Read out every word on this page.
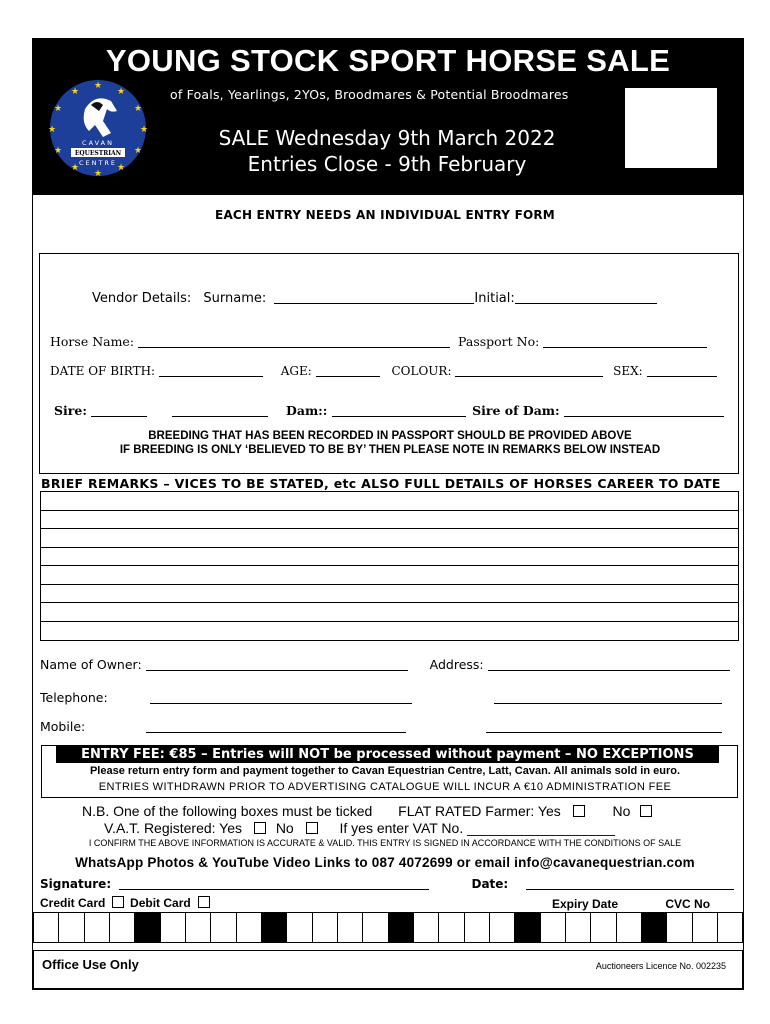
YOUNG STOCK SPORT HORSE SALE
★
★
★
★
★
★
★
★
★
★
★
★
CAVAN
EQUESTRIAN
CENTRE
of Foals, Yearlings, 2YOs, Broodmares & Potential Broodmares
SALE Wednesday 9th March 2022
Entries Close - 9th February
EACH ENTRY NEEDS AN INDIVIDUAL ENTRY FORM
Vendor Details: Surname:	Initial:
Horse Name:	Passport No:
DATE OF BIRTH:	AGE:	COLOUR:	SEX:
Sire:	Dam::	Sire of Dam:
BREEDING THAT HAS BEEN RECORDED IN PASSPORT SHOULD BE PROVIDED ABOVE
IF BREEDING IS ONLY ‘BELIEVED TO BE BY’ THEN PLEASE NOTE IN REMARKS BELOW INSTEAD
BRIEF REMARKS – VICES TO BE STATED, etc ALSO FULL DETAILS OF HORSES CAREER TO DATE
Name of Owner:	Address:
Telephone:
Mobile:
ENTRY FEE: €85 – Entries will NOT be processed without payment – NO EXCEPTIONS
Please return entry form and payment together to Cavan Equestrian Centre, Latt, Cavan. All animals sold in euro.
ENTRIES WITHDRAWN PRIOR TO ADVERTISING CATALOGUE WILL INCUR A €10 ADMINISTRATION FEE
N.B. One of the following boxes must be ticked FLAT RATED Farmer: Yes	No
V.A.T. Registered: Yes No	If yes enter VAT No. ___________________
I CONFIRM THE ABOVE INFORMATION IS ACCURATE & VALID. THIS ENTRY IS SIGNED IN ACCORDANCE WITH THE CONDITIONS OF SALE
WhatsApp Photos & YouTube Video Links to 087 4072699 or email info@cavanequestrian.com
Signature:	Date:
Credit Card Debit Card	Expiry Date	CVC No
Office Use Only	Auctioneers Licence No. 002235
